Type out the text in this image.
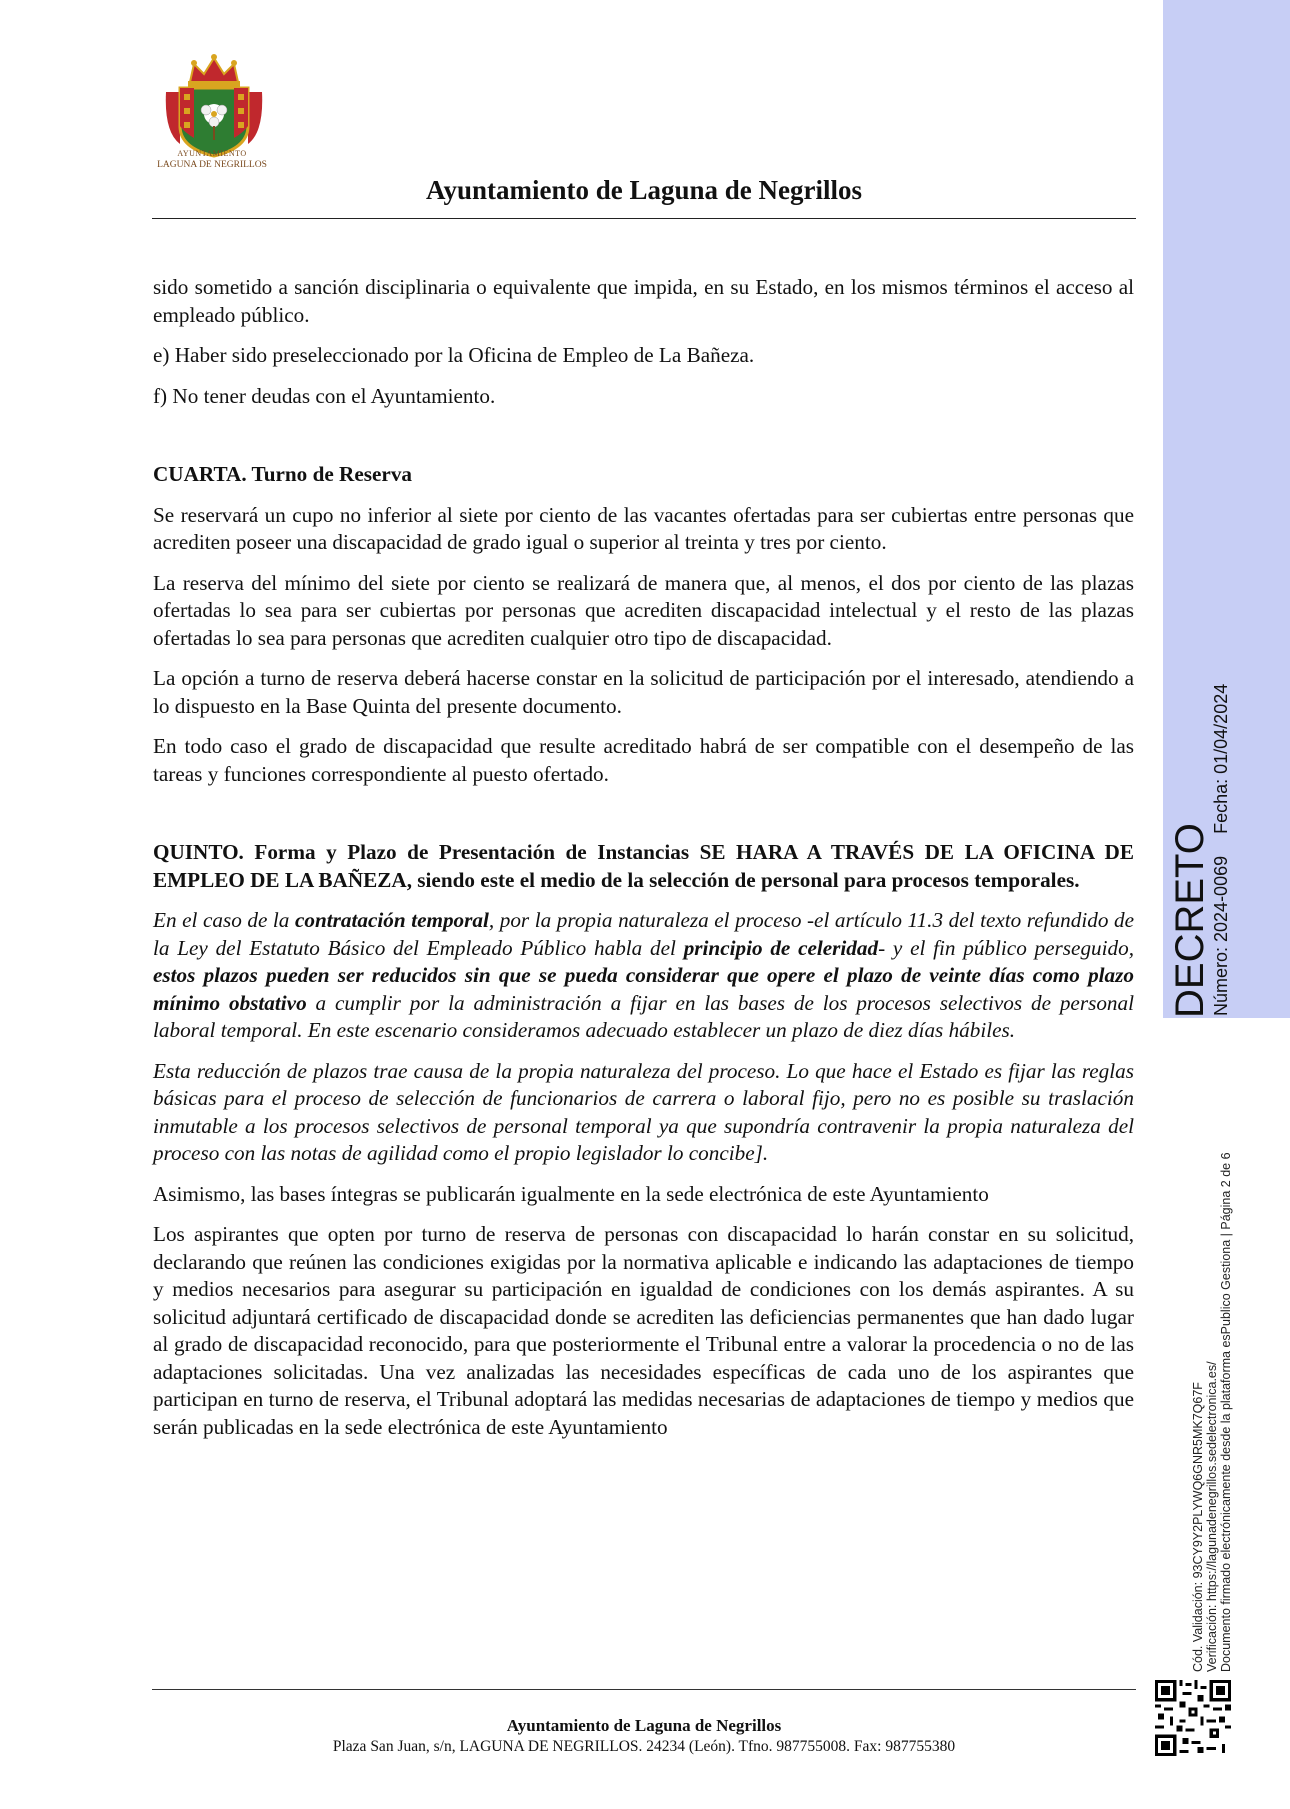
AYUNTAMIENTO
LAGUNA DE NEGRILLOS
Ayuntamiento de Laguna de Negrillos

sido sometido a sanción disciplinaria o equivalente que impida, en su Estado, en los mismos términos el acceso al empleado público.

e) Haber sido preseleccionado por la Oficina de Empleo de La Bañeza.

f) No tener deudas con el Ayuntamiento.

CUARTA. Turno de Reserva

Se reservará un cupo no inferior al siete por ciento de las vacantes ofertadas para ser cubiertas entre personas que acrediten poseer una discapacidad de grado igual o superior al treinta y tres por ciento.

La reserva del mínimo del siete por ciento se realizará de manera que, al menos, el dos por ciento de las plazas ofertadas lo sea para ser cubiertas por personas que acrediten discapacidad intelectual y el resto de las plazas ofertadas lo sea para personas que acrediten cualquier otro tipo de discapacidad.

La opción a turno de reserva deberá hacerse constar en la solicitud de participación por el interesado, atendiendo a lo dispuesto en la Base Quinta del presente documento.

En todo caso el grado de discapacidad que resulte acreditado habrá de ser compatible con el desempeño de las tareas y funciones correspondiente al puesto ofertado.

QUINTO. Forma y Plazo de Presentación de Instancias SE HARA A TRAVÉS DE LA OFICINA DE EMPLEO DE LA BAÑEZA, siendo este el medio de la selección de personal para procesos temporales.

En el caso de la contratación temporal, por la propia naturaleza el proceso -el artículo 11.3 del texto refundido de la Ley del Estatuto Básico del Empleado Público habla del principio de celeridad- y el fin público perseguido, estos plazos pueden ser reducidos sin que se pueda considerar que opere el plazo de veinte días como plazo mínimo obstativo a cumplir por la administración a fijar en las bases de los procesos selectivos de personal laboral temporal. En este escenario consideramos adecuado establecer un plazo de diez días hábiles.

Esta reducción de plazos trae causa de la propia naturaleza del proceso. Lo que hace el Estado es fijar las reglas básicas para el proceso de selección de funcionarios de carrera o laboral fijo, pero no es posible su traslación inmutable a los procesos selectivos de personal temporal ya que supondría contravenir la propia naturaleza del proceso con las notas de agilidad como el propio legislador lo concibe].

Asimismo, las bases íntegras se publicarán igualmente en la sede electrónica de este Ayuntamiento

Los aspirantes que opten por turno de reserva de personas con discapacidad lo harán constar en su solicitud, declarando que reúnen las condiciones exigidas por la normativa aplicable e indicando las adaptaciones de tiempo y medios necesarios para asegurar su participación en igualdad de condiciones con los demás aspirantes. A su solicitud adjuntará certificado de discapacidad donde se acrediten las deficiencias permanentes que han dado lugar al grado de discapacidad reconocido, para que posteriormente el Tribunal entre a valorar la procedencia o no de las adaptaciones solicitadas. Una vez analizadas las necesidades específicas de cada uno de los aspirantes que participan en turno de reserva, el Tribunal adoptará las medidas necesarias de adaptaciones de tiempo y medios que serán publicadas en la sede electrónica de este Ayuntamiento

Ayuntamiento de Laguna de Negrillos
Plaza San Juan, s/n, LAGUNA DE NEGRILLOS. 24234 (León). Tfno. 987755008. Fax: 987755380
DECRETO Número: 2024-0069Fecha: 01/04/2024
Cód. Validación: 93CY9Y2PLYWQ6GNR5MK7Q67F Verificación: https://lagunadenegrillos.sedelectronica.es/ Documento firmado electrónicamente desde la plataforma esPublico Gestiona | Página 2 de 6
